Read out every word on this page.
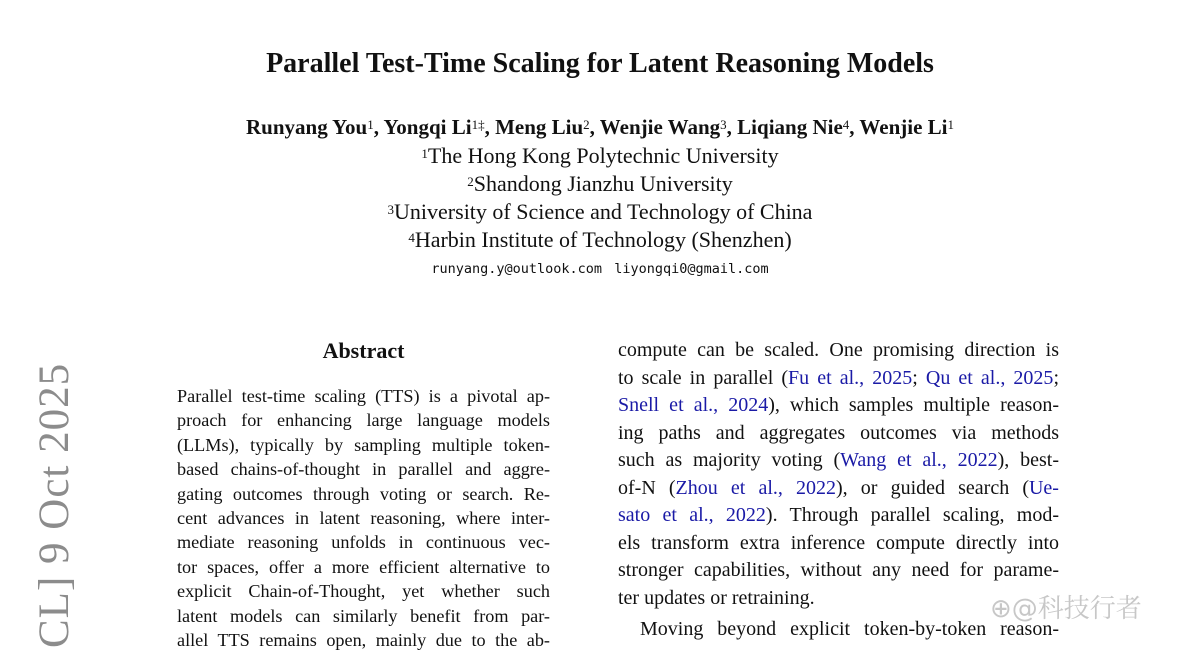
Parallel Test-Time Scaling for Latent Reasoning Models
Runyang You$^1$, Yongqi $Li^{1\ddagger}$, Meng Liu$^2$, Wenjie Wang$^3$, Liqiang Nie$^4$, Wenjie Li$^1$
$^1$The Hong Kong Polytechnic University
$^2$Shandong Jianzhu University
$^3$University of Science and Technology of China
$^4$Harbin Institute of Technology (Shenzhen)
runyang.y@outlook.com liyongqi0@gmail.com
CL] 9 Oct 2025
Abstract
Parallel test-time scaling (TTS) is a pivotal ap-
proach for enhancing large language models
(LLMs), typically by sampling multiple token-
based chains-of-thought in parallel and aggre-
gating outcomes through voting or search. Re-
cent advances in latent reasoning, where inter-
mediate reasoning unfolds in continuous vec-
tor spaces, offer a more efficient alternative to
explicit Chain-of-Thought, yet whether such
latent models can similarly benefit from par-
allel TTS remains open, mainly due to the ab-
compute can be scaled. One promising direction is
to scale in parallel (Fu et al., 2025; Qu et al., 2025;
Snell et al., 2024), which samples multiple reason-
ing paths and aggregates outcomes via methods
such as majority voting (Wang et al., 2022), best-
of-N (Zhou et al., 2022), or guided search (Ue-
sato et al., 2022). Through parallel scaling, mod-
els transform extra inference compute directly into
stronger capabilities, without any need for parame-
ter updates or retraining.
Moving beyond explicit token-by-token reason-
⊕@科技行者
